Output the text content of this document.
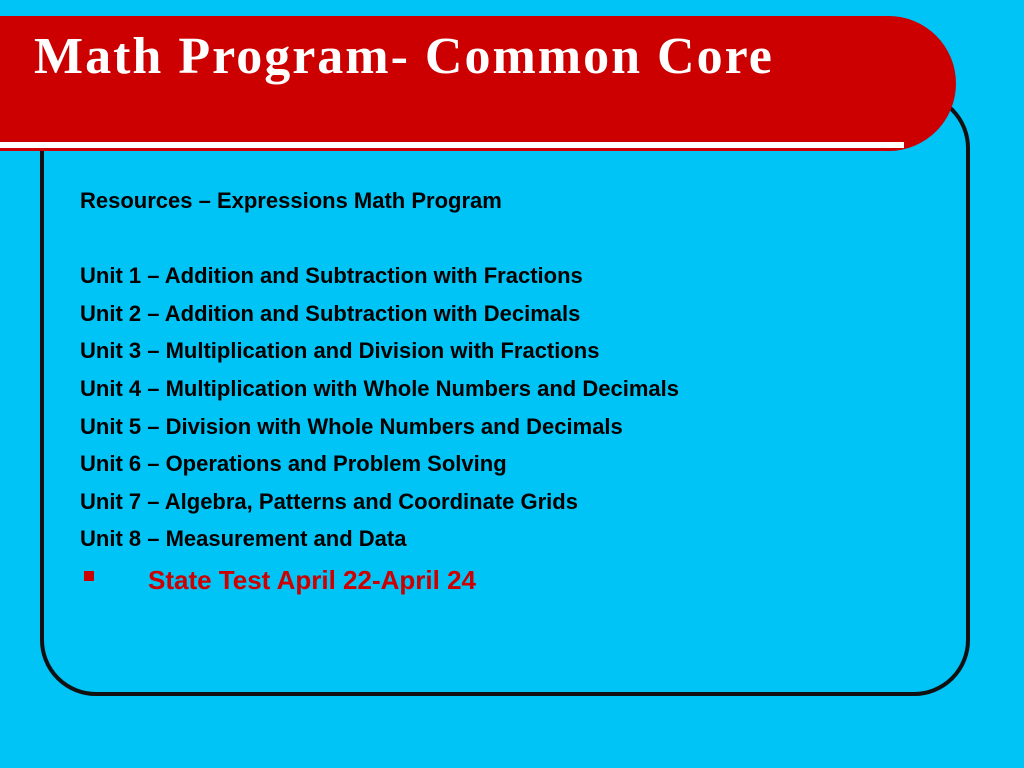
Math Program- Common Core

Resources – Expressions Math Program

Unit 1 – Addition and Subtraction with Fractions

Unit 2 – Addition and Subtraction with Decimals

Unit 3 – Multiplication and Division with Fractions

Unit 4 – Multiplication with Whole Numbers and Decimals

Unit 5 – Division with Whole Numbers and Decimals

Unit 6 – Operations and Problem Solving

Unit 7 – Algebra, Patterns and Coordinate Grids

Unit 8 – Measurement and Data

State Test April 22-April 24
